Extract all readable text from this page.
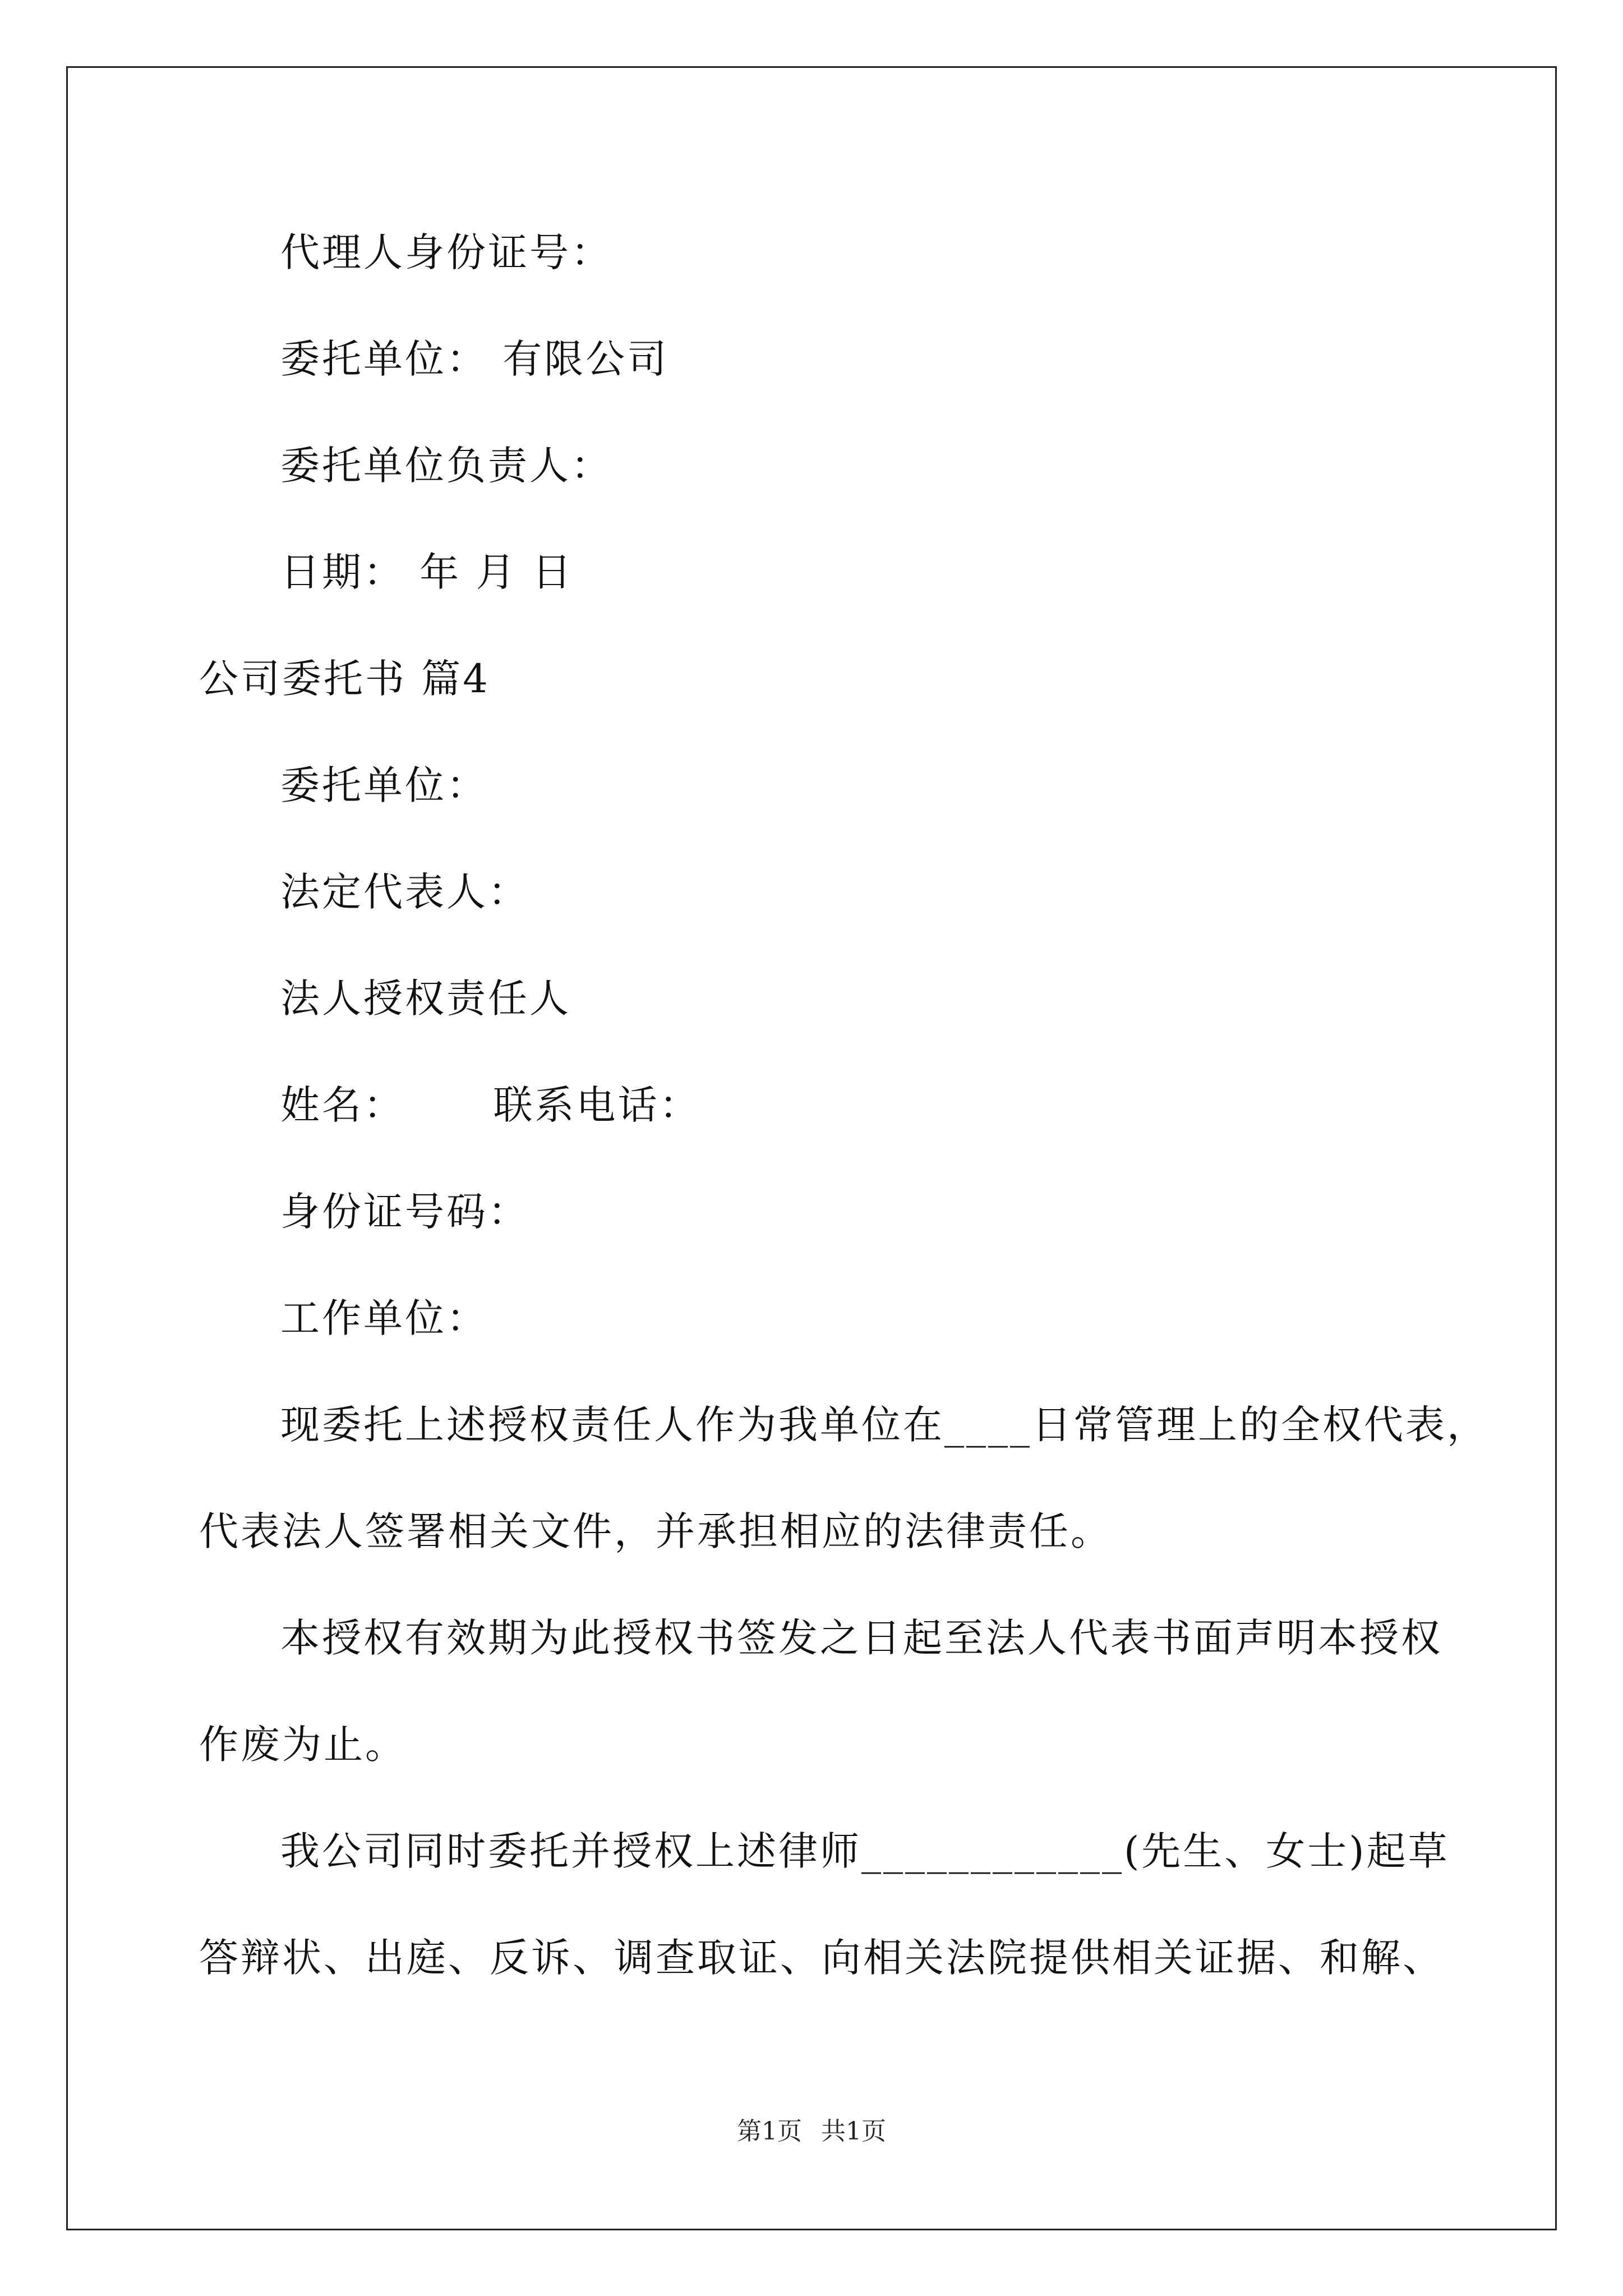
代理人身份证号：
委托单位： 有限公司
委托单位负责人：
日期： 年 月 日
公司委托书 篇4
委托单位：
法定代表人：
法人授权责任人
姓名：      联系电话：
身份证号码：
工作单位：
现委托上述授权责任人作为我单位在____日常管理上的全权代表，
代表法人签署相关文件，并承担相应的法律责任。
本授权有效期为此授权书签发之日起至法人代表书面声明本授权
作废为止。
我公司同时委托并授权上述律师____________(先生、女士)起草
答辩状、出庭、反诉、调查取证、向相关法院提供相关证据、和解、
第1页 共1页
